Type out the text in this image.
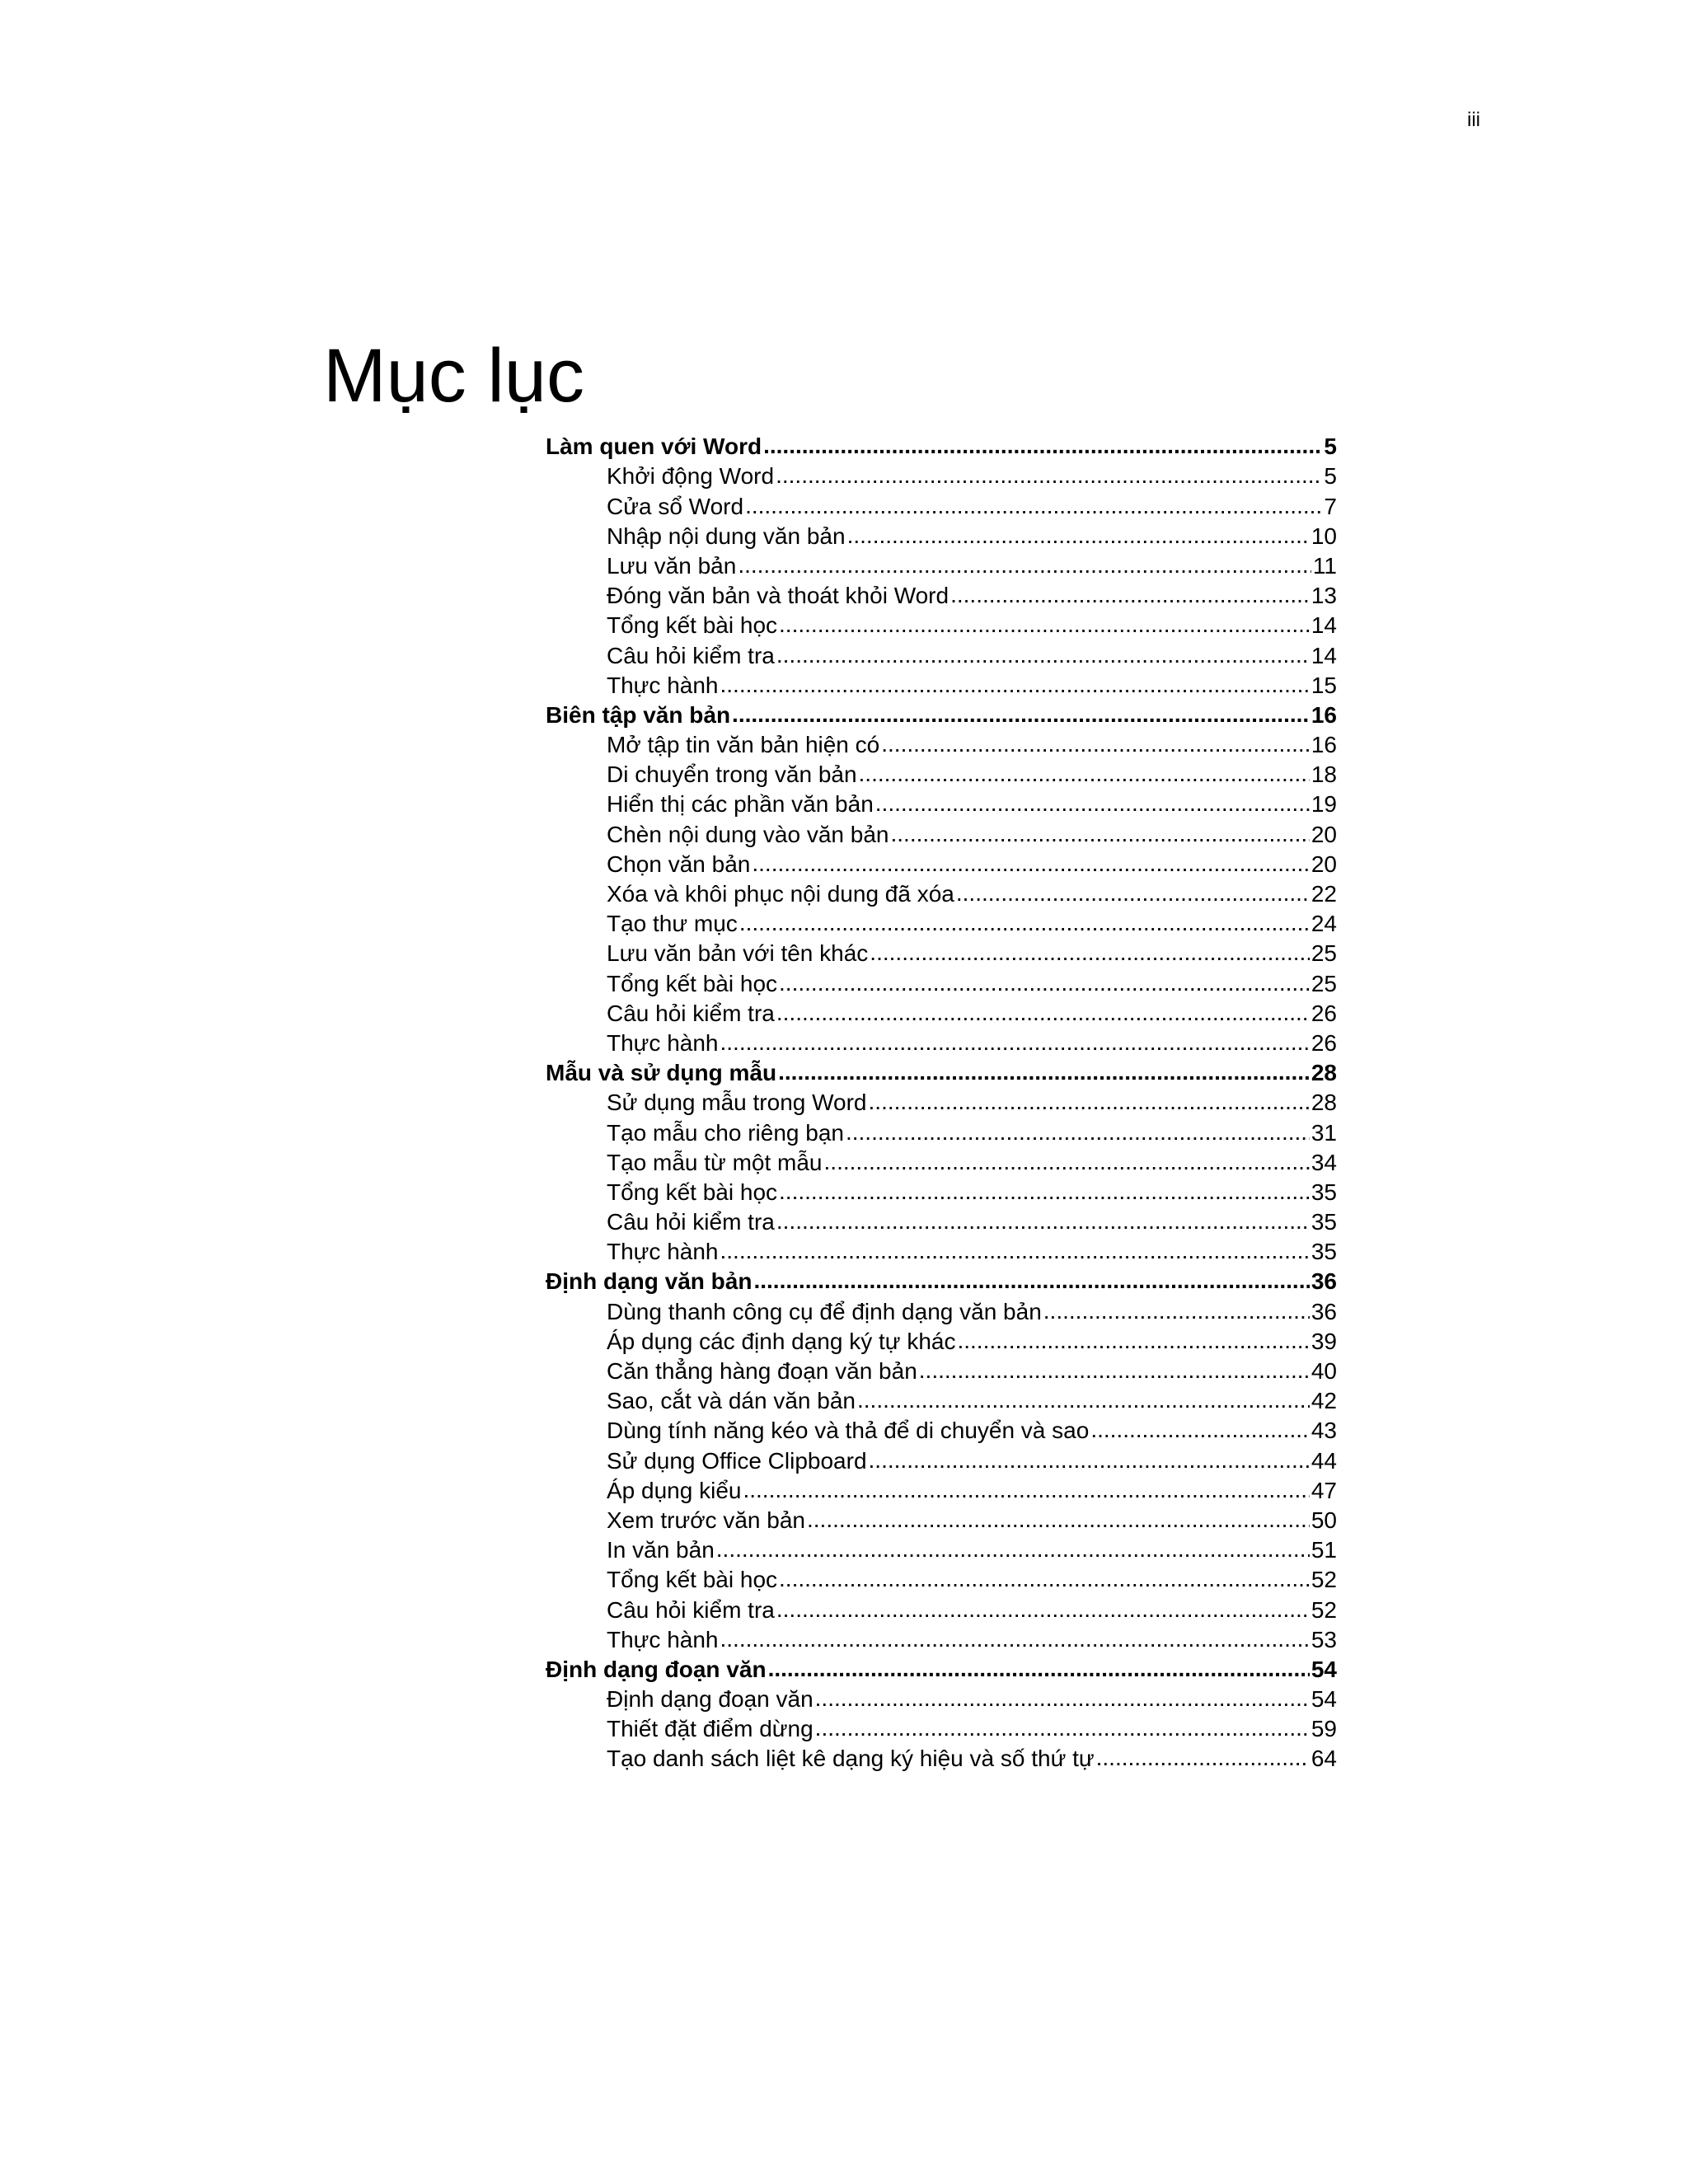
iii
Mục lục
Làm quen với Word .....	5
Khởi động Word .....	5
Cửa sổ Word .....	7
Nhập nội dung văn bản .....	10
Lưu văn bản .....	11
Đóng văn bản và thoát khỏi Word .....	13
Tổng kết bài học .....	14
Câu hỏi kiểm tra .....	14
Thực hành .....	15
Biên tập văn bản .....	16
Mở tập tin văn bản hiện có .....	16
Di chuyển trong văn bản .....	18
Hiển thị các phần văn bản .....	19
Chèn nội dung vào văn bản .....	20
Chọn văn bản .....	20
Xóa và khôi phục nội dung đã xóa .....	22
Tạo thư mục .....	24
Lưu văn bản với tên khác .....	25
Tổng kết bài học .....	25
Câu hỏi kiểm tra .....	26
Thực hành .....	26
Mẫu và sử dụng mẫu .....	28
Sử dụng mẫu trong Word .....	28
Tạo mẫu cho riêng bạn .....	31
Tạo mẫu từ một mẫu .....	34
Tổng kết bài học .....	35
Câu hỏi kiểm tra .....	35
Thực hành .....	35
Định dạng văn bản .....	36
Dùng thanh công cụ để định dạng văn bản .....	36
Áp dụng các định dạng ký tự khác .....	39
Căn thẳng hàng đoạn văn bản .....	40
Sao, cắt và dán văn bản .....	42
Dùng tính năng kéo và thả để di chuyển và sao .....	43
Sử dụng Office Clipboard .....	44
Áp dụng kiểu .....	47
Xem trước văn bản .....	50
In văn bản .....	51
Tổng kết bài học .....	52
Câu hỏi kiểm tra .....	52
Thực hành .....	53
Định dạng đoạn văn .....	54
Định dạng đoạn văn .....	54
Thiết đặt điểm dừng .....	59
Tạo danh sách liệt kê dạng ký hiệu và số thứ tự .....	64
